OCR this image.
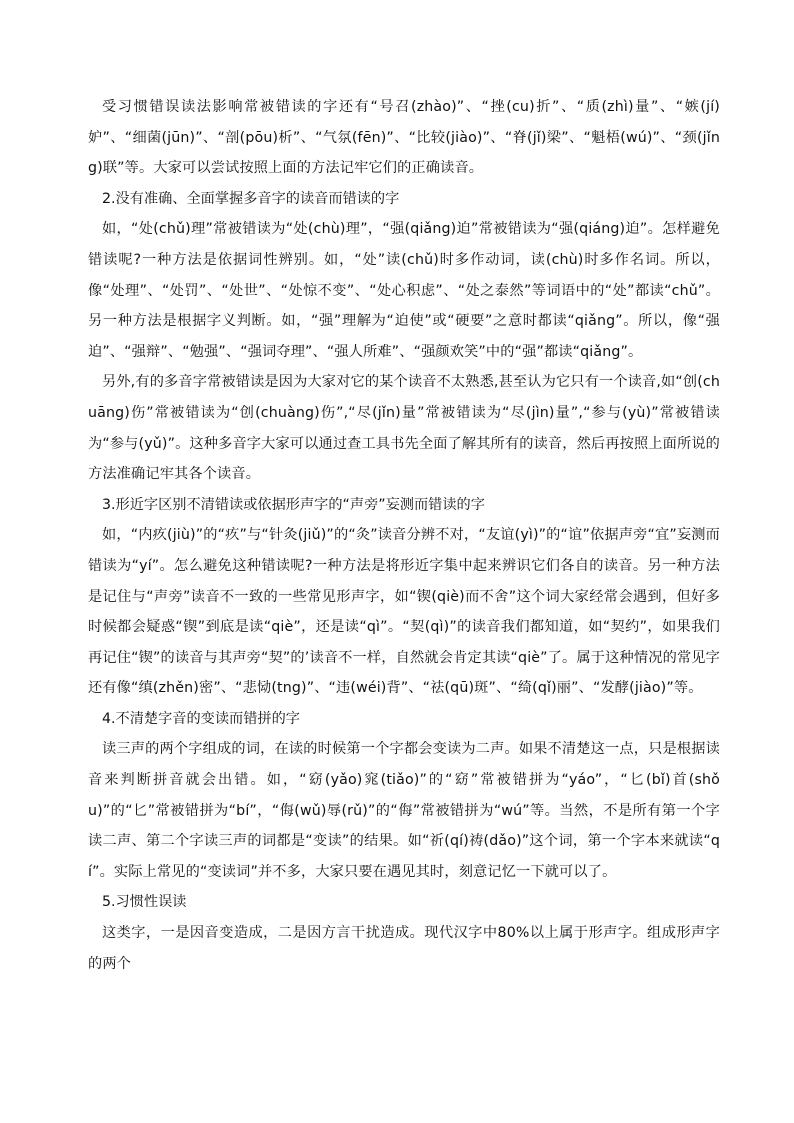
受习惯错误读法影响常被错读的字还有“号召(zhào)”、“挫(cu)折”、“质(zhì)量”、“嫉(jí)妒”、“细菌(jūn)”、“剖(pōu)析”、“气氛(fēn)”、“比较(jiào)”、“脊(jǐ)梁”、“魁梧(wú)”、“颈(jǐng)联”等。大家可以尝试按照上面的方法记牢它们的正确读音。

2.没有准确、全面掌握多音字的读音而错读的字

如，“处(chǔ)理”常被错读为“处(chù)理”，“强(qiǎng)迫”常被错读为“强(qiáng)迫”。怎样避免错读呢?一种方法是依据词性辨别。如，“处”读(chǔ)时多作动词，读(chù)时多作名词。所以，像“处理”、“处罚”、“处世”、“处惊不变”、“处心积虑”、“处之泰然”等词语中的“处”都读“chǔ”。另一种方法是根据字义判断。如，“强”理解为“迫使”或“硬要”之意时都读“qiǎng”。所以，像“强迫”、“强辩”、“勉强”、“强词夺理”、“强人所难”、“强颜欢笑”中的“强”都读“qiǎng”。

另外,有的多音字常被错读是因为大家对它的某个读音不太熟悉,甚至认为它只有一个读音,如“创(chuāng)伤”常被错读为“创(chuàng)伤”,“尽(jǐn)量”常被错读为“尽(jìn)量”,“参与(yù)”常被错读为“参与(yǔ)”。这种多音字大家可以通过查工具书先全面了解其所有的读音，然后再按照上面所说的方法准确记牢其各个读音。

3.形近字区别不清错读或依据形声字的“声旁”妄测而错读的字

如，“内疚(jiù)”的“疚”与“针灸(jiǔ)”的“灸”读音分辨不对，“友谊(yì)”的“谊”依据声旁“宜”妄测而错读为“yí”。怎么避免这种错读呢?一种方法是将形近字集中起来辨识它们各自的读音。另一种方法是记住与“声旁”读音不一致的一些常见形声字，如“锲(qiè)而不舍”这个词大家经常会遇到，但好多时候都会疑惑“锲”到底是读“qiè”，还是读“qì”。“契(qì)”的读音我们都知道，如“契约”，如果我们再记住“锲”的读音与其声旁“契”的’读音不一样，自然就会肯定其读“qiè”了。属于这种情况的常见字还有像“缜(zhěn)密”、“悲恸(tng)”、“违(wéi)背”、“祛(qū)斑”、“绮(qǐ)丽”、“发酵(jiào)”等。

4.不清楚字音的变读而错拼的字

读三声的两个字组成的词，在读的时候第一个字都会变读为二声。如果不清楚这一点，只是根据读音来判断拼音就会出错。如，“窈(yǎo)窕(tiǎo)”的“窈”常被错拼为“yáo”，“匕(bǐ)首(shǒu)”的“匕”常被错拼为“bí”，“侮(wǔ)辱(rǔ)”的“侮”常被错拼为“wú”等。当然，不是所有第一个字读二声、第二个字读三声的词都是“变读”的结果。如“祈(qí)祷(dǎo)”这个词，第一个字本来就读“qí”。实际上常见的“变读词”并不多，大家只要在遇见其时，刻意记忆一下就可以了。

5.习惯性误读

这类字，一是因音变造成，二是因方言干扰造成。现代汉字中80%以上属于形声字。组成形声字的两个
